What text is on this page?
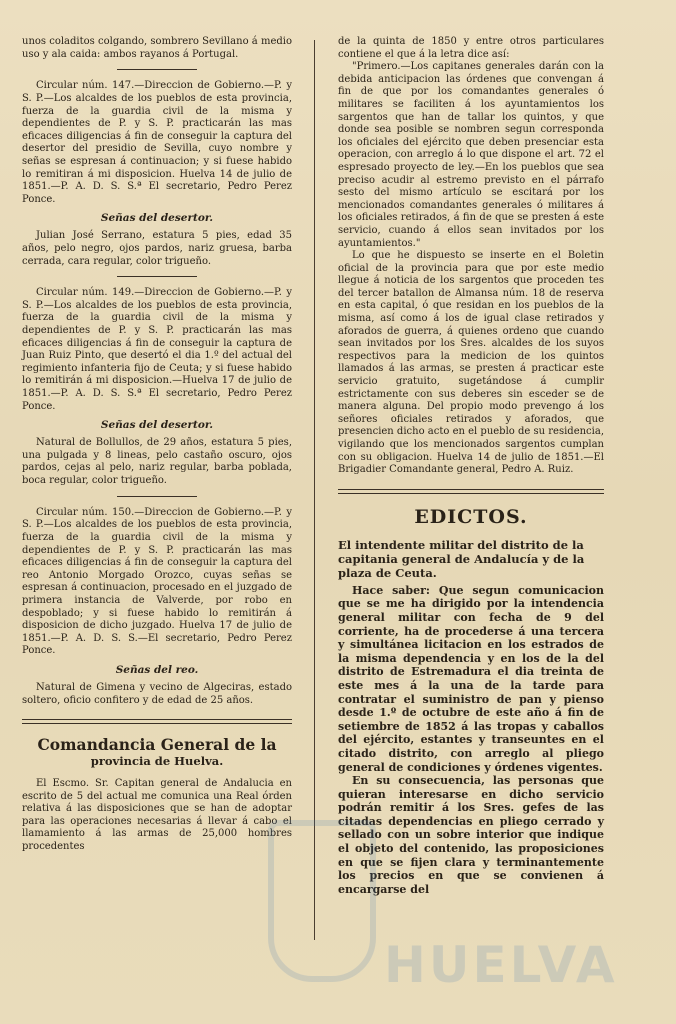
unos coladitos colgando, sombrero Sevillano á medio uso y ala caida: ambos rayanos á Portugal.

Circular núm. 147.—Direccion de Gobierno.—P. y S. P.—Los alcaldes de los pueblos de esta provincia, fuerza de la guardia civil de la misma y dependientes de P. y S. P. practicarán las mas eficaces diligencias á fin de conseguir la captura del desertor del presidio de Sevilla, cuyo nombre y señas se espresan á continuacion; y si fuese habido lo remitiran á mi disposicion. Huelva 14 de julio de 1851.—P. A. D. S. S.ª El secretario, Pedro Perez Ponce.

Señas del desertor.

Julian José Serrano, estatura 5 pies, edad 35 años, pelo negro, ojos pardos, nariz gruesa, barba cerrada, cara regular, color trigueño.

Circular núm. 149.—Direccion de Gobierno.—P. y S. P.—Los alcaldes de los pueblos de esta provincia, fuerza de la guardia civil de la misma y dependientes de P. y S. P. practicarán las mas eficaces diligencias á fin de conseguir la captura de Juan Ruiz Pinto, que desertó el dia 1.º del actual del regimiento infanteria fijo de Ceuta; y si fuese habido lo remitirán á mi disposicion.—Huelva 17 de julio de 1851.—P. A. D. S. S.ª El secretario, Pedro Perez Ponce.

Señas del desertor.

Natural de Bollullos, de 29 años, estatura 5 pies, una pulgada y 8 lineas, pelo castaño oscuro, ojos pardos, cejas al pelo, nariz regular, barba poblada, boca regular, color trigueño.

Circular núm. 150.—Direccion de Gobierno.—P. y S. P.—Los alcaldes de los pueblos de esta provincia, fuerza de la guardia civil de la misma y dependientes de P. y S. P. practicarán las mas eficaces diligencias á fin de conseguir la captura del reo Antonio Morgado Orozco, cuyas señas se espresan á continuacion, procesado en el juzgado de primera instancia de Valverde, por robo en despoblado; y si fuese habido lo remitirán á disposicion de dicho juzgado. Huelva 17 de julio de 1851.—P. A. D. S. S.—El secretario, Pedro Perez Ponce.

Señas del reo.

Natural de Gimena y vecino de Algeciras, estado soltero, oficio confitero y de edad de 25 años.

Comandancia General de la
provincia de Huelva.

El Escmo. Sr. Capitan general de Andalucia en escrito de 5 del actual me comunica una Real órden relativa á las disposiciones que se han de adoptar para las operaciones necesarias á llevar á cabo el llamamiento á las armas de 25,000 hombres procedentes

de la quinta de 1850 y entre otros particulares contiene el que á la letra dice así:

"Primero.—Los capitanes generales darán con la debida anticipacion las órdenes que convengan á fin de que por los comandantes generales ó militares se faciliten á los ayuntamientos los sargentos que han de tallar los quintos, y que donde sea posible se nombren segun corresponda los oficiales del ejército que deben presenciar esta operacion, con arreglo á lo que dispone el art. 72 el espresado proyecto de ley.—En los pueblos que sea preciso acudir al estremo previsto en el párrafo sesto del mismo artículo se escitará por los mencionados comandantes generales ó militares á los oficiales retirados, á fin de que se presten á este servicio, cuando á ellos sean invitados por los ayuntamientos."

Lo que he dispuesto se inserte en el Boletin oficial de la provincia para que por este medio llegue á noticia de los sargentos que proceden tes del tercer batallon de Almansa núm. 18 de reserva en esta capital, ó que residan en los pueblos de la misma, así como á los de igual clase retirados y aforados de guerra, á quienes ordeno que cuando sean invitados por los Sres. alcaldes de los suyos respectivos para la medicion de los quintos llamados á las armas, se presten á practicar este servicio gratuito, sugetándose á cumplir estrictamente con sus deberes sin esceder se de manera alguna. Del propio modo prevengo á los señores oficiales retirados y aforados, que presencien dicho acto en el pueblo de su residencia, vigilando que los mencionados sargentos cumplan con su obligacion. Huelva 14 de julio de 1851.—El Brigadier Comandante general, Pedro A. Ruiz.

EDICTOS.
El intendente militar del distrito de la capitania general de Andalucía y de la plaza de Ceuta.

Hace saber: Que segun comunicacion que se me ha dirigido por la intendencia general militar con fecha de 9 del corriente, ha de procederse á una tercera y simultánea licitacion en los estrados de la misma dependencia y en los de la del distrito de Estremadura el dia treinta de este mes á la una de la tarde para contratar el suministro de pan y pienso desde 1.º de octubre de este año á fin de setiembre de 1852 á las tropas y caballos del ejército, estantes y transeuntes en el citado distrito, con arreglo al pliego general de condiciones y órdenes vigentes.

En su consecuencia, las personas que quieran interesarse en dicho servicio podrán remitir á los Sres. gefes de las citadas dependencias en pliego cerrado y sellado con un sobre interior que indique el objeto del contenido, las proposiciones en que se fijen clara y terminantemente los precios en que se convienen á encargarse del

HUELVA
